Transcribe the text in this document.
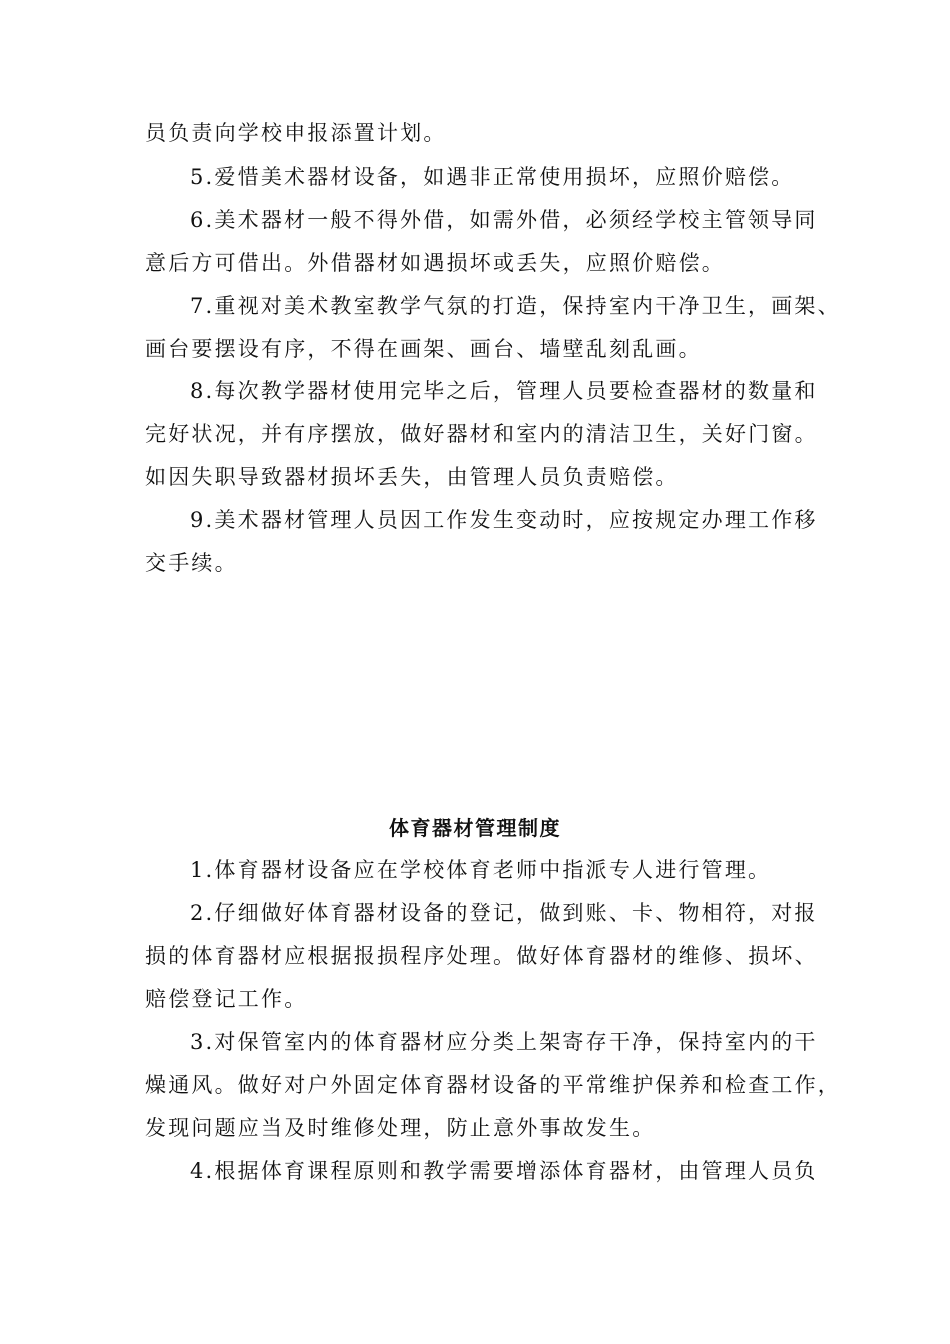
员负责向学校申报添置计划。
5.爱惜美术器材设备，如遇非正常使用损坏，应照价赔偿。
6.美术器材一般不得外借，如需外借，必须经学校主管领导同
意后方可借出。外借器材如遇损坏或丢失，应照价赔偿。
7.重视对美术教室教学气氛的打造，保持室内干净卫生，画架、
画台要摆设有序，不得在画架、画台、墙壁乱刻乱画。
8.每次教学器材使用完毕之后，管理人员要检查器材的数量和
完好状况，并有序摆放，做好器材和室内的清洁卫生，关好门窗。
如因失职导致器材损坏丢失，由管理人员负责赔偿。
9.美术器材管理人员因工作发生变动时，应按规定办理工作移
交手续。
体育器材管理制度
1.体育器材设备应在学校体育老师中指派专人进行管理。
2.仔细做好体育器材设备的登记，做到账、卡、物相符，对报
损的体育器材应根据报损程序处理。做好体育器材的维修、损坏、
赔偿登记工作。
3.对保管室内的体育器材应分类上架寄存干净，保持室内的干
燥通风。做好对户外固定体育器材设备的平常维护保养和检查工作，
发现问题应当及时维修处理，防止意外事故发生。
4.根据体育课程原则和教学需要增添体育器材，由管理人员负
